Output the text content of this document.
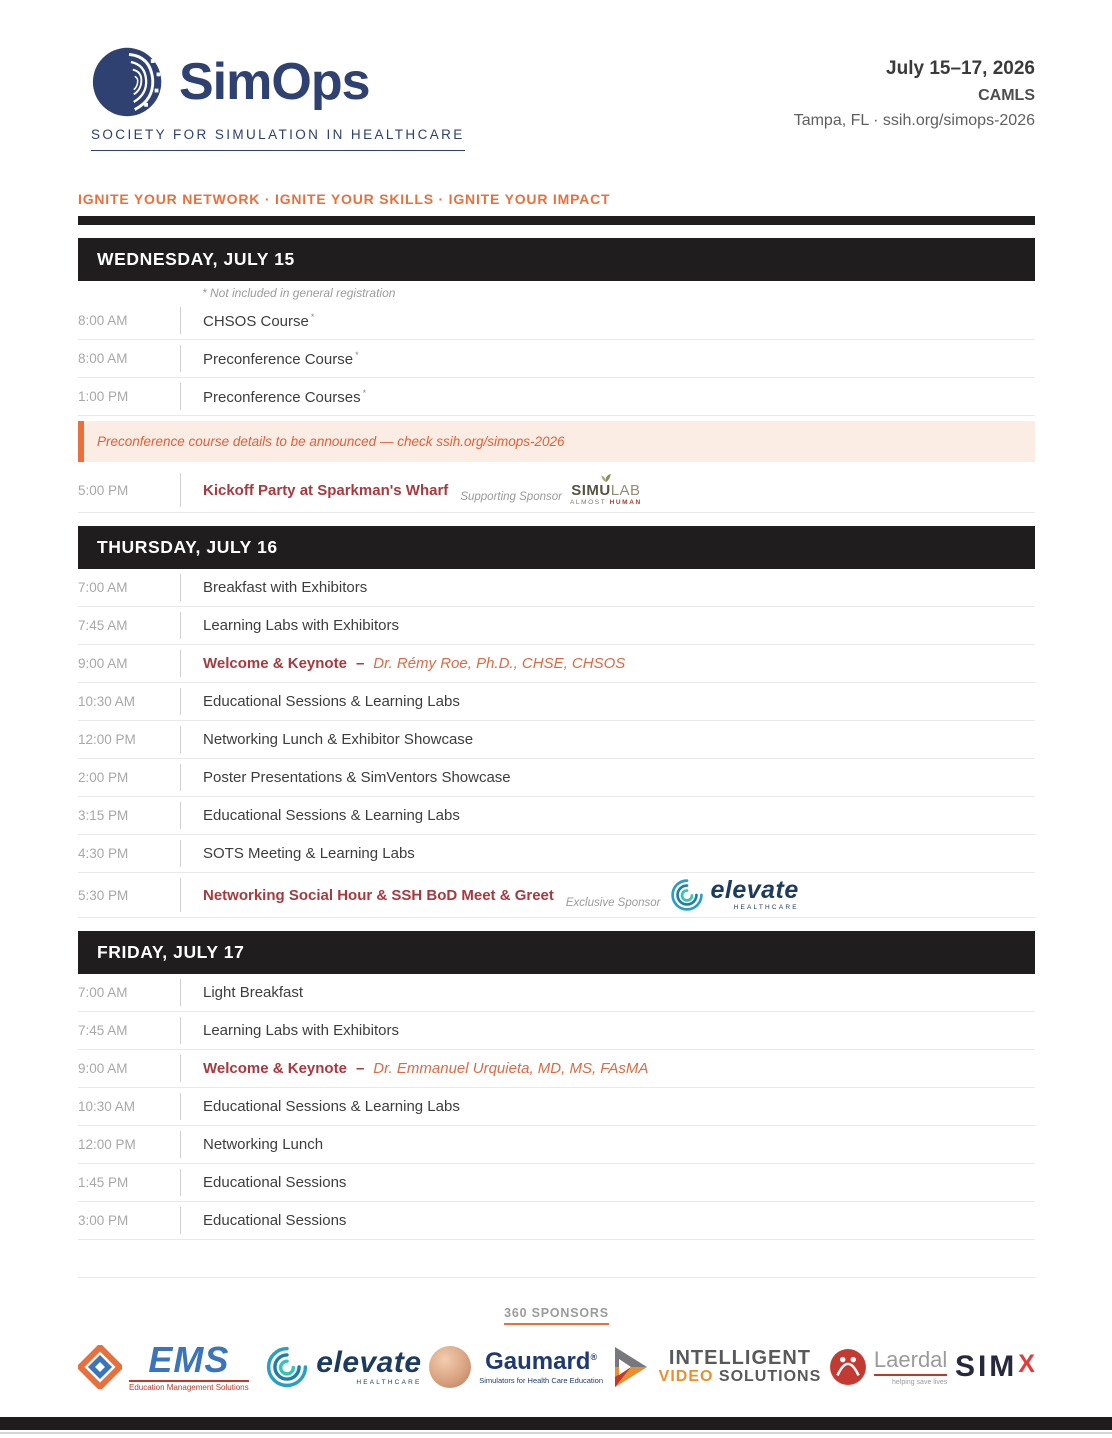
SimOps
SOCIETY FOR SIMULATION IN HEALTHCARE
July 15–17, 2026
CAMLS
Tampa, FL · ssih.org/simops-2026
IGNITE YOUR NETWORK · IGNITE YOUR SKILLS · IGNITE YOUR IMPACT
WEDNESDAY, JULY 15
* Not included in general registration
8:00 AM	CHSOS Course *
8:00 AM	Preconference Course *
1:00 PM	Preconference Courses *
Preconference course details to be announced — check ssih.org/simops-2026
5:00 PM	Kickoff Party at Sparkman's Wharf Supporting Sponsor SIMULAB
ALMOST HUMAN
THURSDAY, JULY 16
7:00 AM	Breakfast with Exhibitors
7:45 AM	Learning Labs with Exhibitors
9:00 AM	Welcome & Keynote – Dr. Rémy Roe, Ph.D., CHSE, CHSOS
10:30 AM	Educational Sessions & Learning Labs
12:00 PM	Networking Lunch & Exhibitor Showcase
2:00 PM	Poster Presentations & SimVentors Showcase
3:15 PM	Educational Sessions & Learning Labs
4:30 PM	SOTS Meeting & Learning Labs
5:30 PM	Networking Social Hour & SSH BoD Meet & Greet Exclusive Sponsor elevate
HEALTHCARE
FRIDAY, JULY 17
7:00 AM	Light Breakfast
7:45 AM	Learning Labs with Exhibitors
9:00 AM	Welcome & Keynote – Dr. Emmanuel Urquieta, MD, MS, FAsMA
10:30 AM	Educational Sessions & Learning Labs
12:00 PM	Networking Lunch
1:45 PM	Educational Sessions
3:00 PM	Educational Sessions
360 SPONSORS
EMS
Education Management Solutions
elevate
HEALTHCARE
Gaumard®
Simulators for Health Care Education
INTELLIGENT
VIDEO SOLUTIONS
Laerdal
helping save lives SIM X
